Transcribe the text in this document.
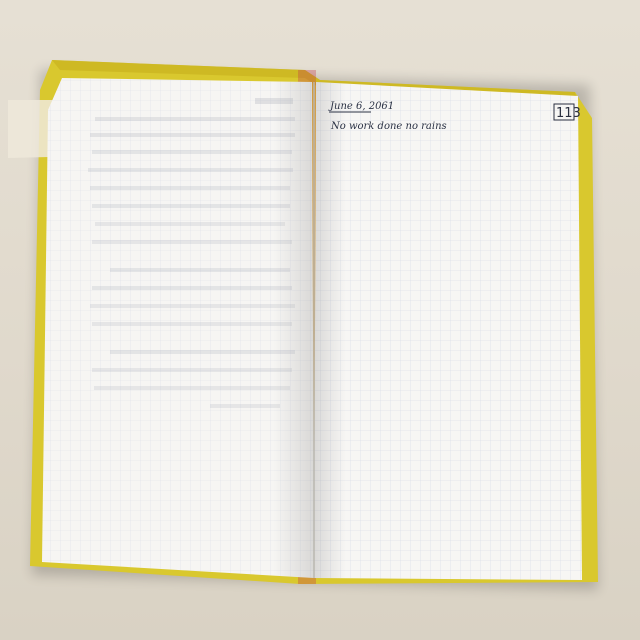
113
June 6, 2061
No work done no rains
